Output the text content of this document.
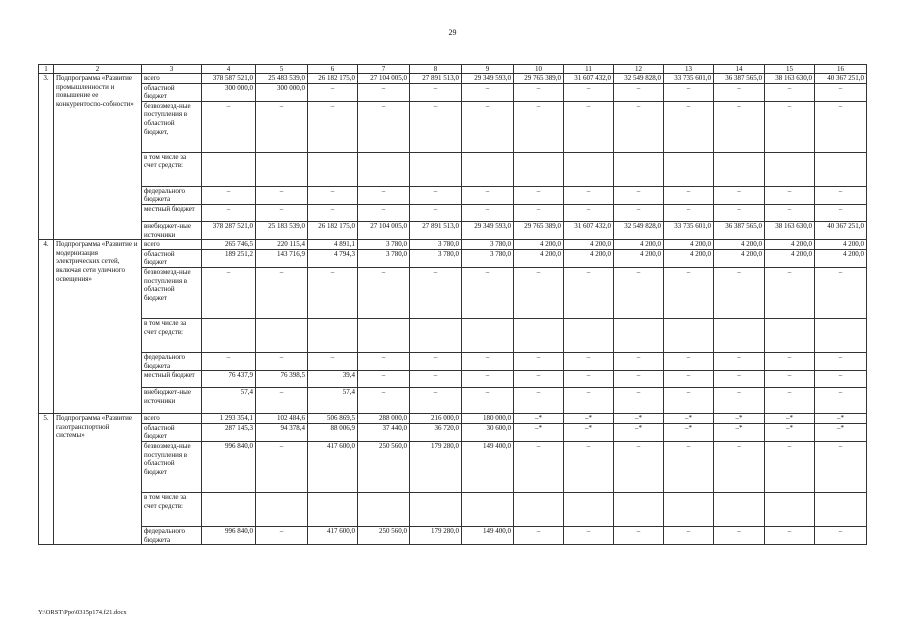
29
1	2	3	4	5	6	7	8	9	10	11	12	13	14	15	16
3.	Подпрограмма «Развитие промышленности и повышение ее конкурентоспо-собности»	всего	378 587 521,0	25 483 539,0	26 182 175,0	27 104 005,0	27 891 513,0	29 349 593,0	29 765 389,0	31 607 432,0	32 549 828,0	33 735 601,0	36 387 565,0	38 163 630,0	40 367 251,0
		областной бюджет	300 000,0	300 000,0	–	–	–	–	–	–	–	–	–	–	–
		безвозмезд-ные поступления в областной бюджет,	–	–	–	–	–	–	–	–	–	–	–	–	–
		в том числе за счет средств:													
		федерального бюджета	–	–	–	–	–	–	–	–	–	–	–	–	–
		местный бюджет	–	–	–	–	–	–	–	–	–	–	–	–	–
		внебюджет-ные источники	378 287 521,0	25 183 539,0	26 182 175,0	27 104 005,0	27 891 513,0	29 349 593,0	29 765 389,0	31 607 432,0	32 549 828,0	33 735 601,0	36 387 565,0	38 163 630,0	40 367 251,0
4.	Подпрограмма «Развитие и модернизация электрических сетей, включая сети уличного освещения»	всего	265 746,5	220 115,4	4 891,1	3 780,0	3 780,0	3 780,0	4 200,0	4 200,0	4 200,0	4 200,0	4 200,0	4 200,0	4 200,0
		областной бюджет	189 251,2	143 716,9	4 794,3	3 780,0	3 780,0	3 780,0	4 200,0	4 200,0	4 200,0	4 200,0	4 200,0	4 200,0	4 200,0
		безвозмезд-ные поступления в областной бюджет	–	–	–	–	–	–	–	–	–	–	–	–	–
		в том числе за счет средств:													
		федерального бюджета	–	–	–	–	–	–	–	–	–	–	–	–	–
		местный бюджет	76 437,9	76 398,5	39,4	–	–	–	–	–	–	–	–	–	–
		внебюджет-ные источники	57,4	–	57,4	–	–	–	–	–	–	–	–	–	–
5.	Подпрограмма «Развитие газотранспортной системы»	всего	1 293 354,1	102 484,6	506 869,5	288 000,0	216 000,0	180 000,0	–*	–*	–*	–*	–*	–*	–*
		областной бюджет	287 145,3	94 378,4	88 006,9	37 440,0	36 720,0	30 600,0	–*	–*	–*	–*	–*	–*	–*
		безвозмезд-ные поступления в областной бюджет	996 840,0	–	417 600,0	250 560,0	179 280,0	149 400,0	–	–	–	–	–	–	–
		в том числе за счет средств:													
		федерального бюджета	996 840,0	–	417 600,0	250 560,0	179 280,0	149 400,0	–	–	–	–	–	–	–
Y:\ORST\Ppo\0315p174.f21.docx
